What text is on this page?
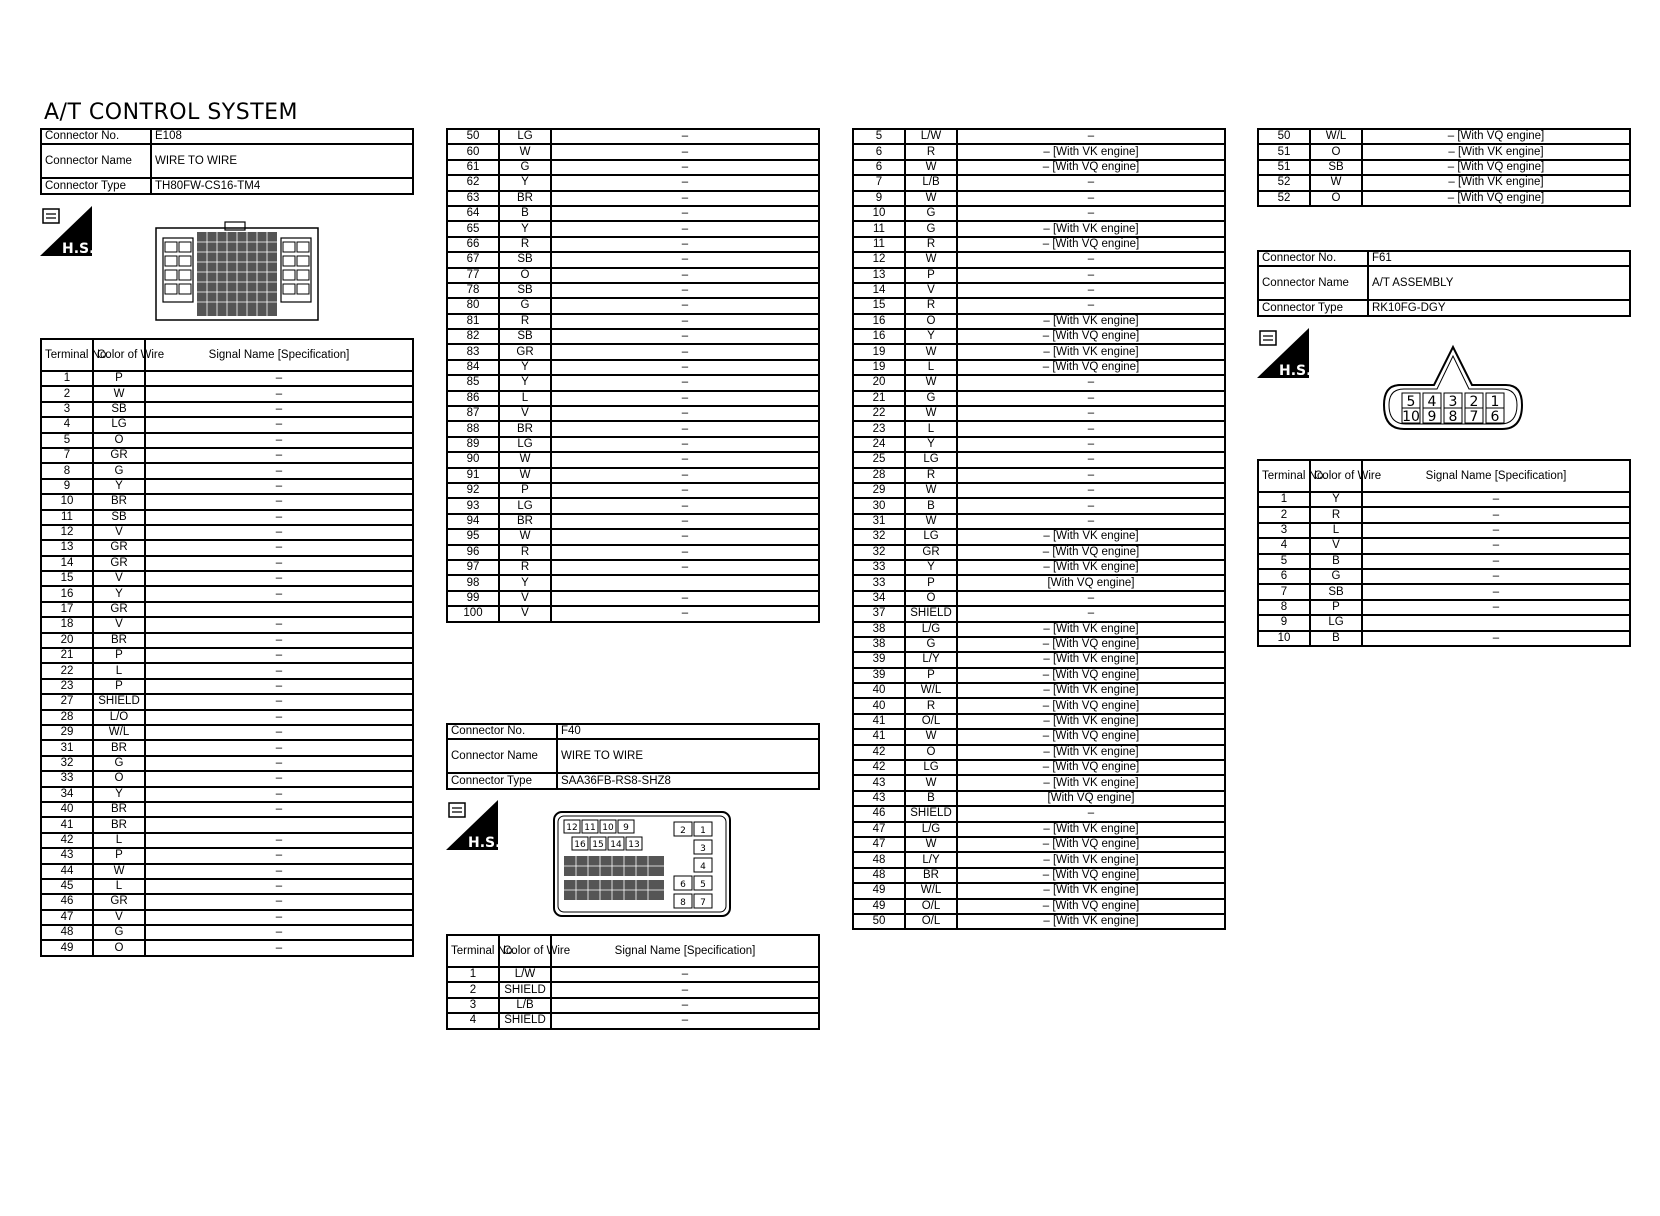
A/T CONTROL SYSTEM
Connector No.	E108
Connector Name	WIRE TO WIRE
Connector Type	TH80FW-CS16-TM4
H.S.
Terminal No.	Color of Wire	Signal Name [Specification]
1	P	–
2	W	–
3	SB	–
4	LG	–
5	O	–
7	GR	–
8	G	–
9	Y	–
10	BR	–
11	SB	–
12	V	–
13	GR	–
14	GR	–
15	V	–
16	Y	–
17	GR	
18	V	–
20	BR	–
21	P	–
22	L	–
23	P	–
27	SHIELD	–
28	L/O	–
29	W/L	–
31	BR	–
32	G	–
33	O	–
34	Y	–
40	BR	–
41	BR	
42	L	–
43	P	–
44	W	–
45	L	–
46	GR	–
47	V	–
48	G	–
49	O	–
50	LG	–
60	W	–
61	G	–
62	Y	–
63	BR	–
64	B	–
65	Y	–
66	R	–
67	SB	–
77	O	–
78	SB	–
80	G	–
81	R	–
82	SB	–
83	GR	–
84	Y	–
85	Y	–
86	L	–
87	V	–
88	BR	–
89	LG	–
90	W	–
91	W	–
92	P	–
93	LG	–
94	BR	–
95	W	–
96	R	–
97	R	–
98	Y	
99	V	–
100	V	–
Connector No.	F40
Connector Name	WIRE TO WIRE
Connector Type	SAA36FB-RS8-SHZ8
H.S.
12 11 10 9
16 15 14 13
2 1
3
4
6 5
8 7
Terminal No.	Color of Wire	Signal Name [Specification]
1	L/W	–
2	SHIELD	–
3	L/B	–
4	SHIELD	–
5	L/W	–
6	R	– [With VK engine]
6	W	– [With VQ engine]
7	L/B	–
9	W	–
10	G	–
11	G	– [With VK engine]
11	R	– [With VQ engine]
12	W	–
13	P	–
14	V	–
15	R	–
16	O	– [With VK engine]
16	Y	– [With VQ engine]
19	W	– [With VK engine]
19	L	– [With VQ engine]
20	W	–
21	G	–
22	W	–
23	L	–
24	Y	–
25	LG	–
28	R	–
29	W	–
30	B	–
31	W	–
32	LG	– [With VK engine]
32	GR	– [With VQ engine]
33	Y	– [With VK engine]
33	P	[With VQ engine]
34	O	–
37	SHIELD	–
38	L/G	– [With VK engine]
38	G	– [With VQ engine]
39	L/Y	– [With VK engine]
39	P	– [With VQ engine]
40	W/L	– [With VK engine]
40	R	– [With VQ engine]
41	O/L	– [With VK engine]
41	W	– [With VQ engine]
42	O	– [With VK engine]
42	LG	– [With VQ engine]
43	W	– [With VK engine]
43	B	[With VQ engine]
46	SHIELD	–
47	L/G	– [With VK engine]
47	W	– [With VQ engine]
48	L/Y	– [With VK engine]
48	BR	– [With VQ engine]
49	W/L	– [With VK engine]
49	O/L	– [With VQ engine]
50	O/L	– [With VK engine]
50	W/L	– [With VQ engine]
51	O	– [With VK engine]
51	SB	– [With VQ engine]
52	W	– [With VK engine]
52	O	– [With VQ engine]
Connector No.	F61
Connector Name	A/T ASSEMBLY
Connector Type	RK10FG-DGY
H.S.
5 4 3 2 1
10 9 8 7 6
Terminal No.	Color of Wire	Signal Name [Specification]
1	Y	–
2	R	–
3	L	–
4	V	–
5	B	–
6	G	–
7	SB	–
8	P	–
9	LG	
10	B	–
